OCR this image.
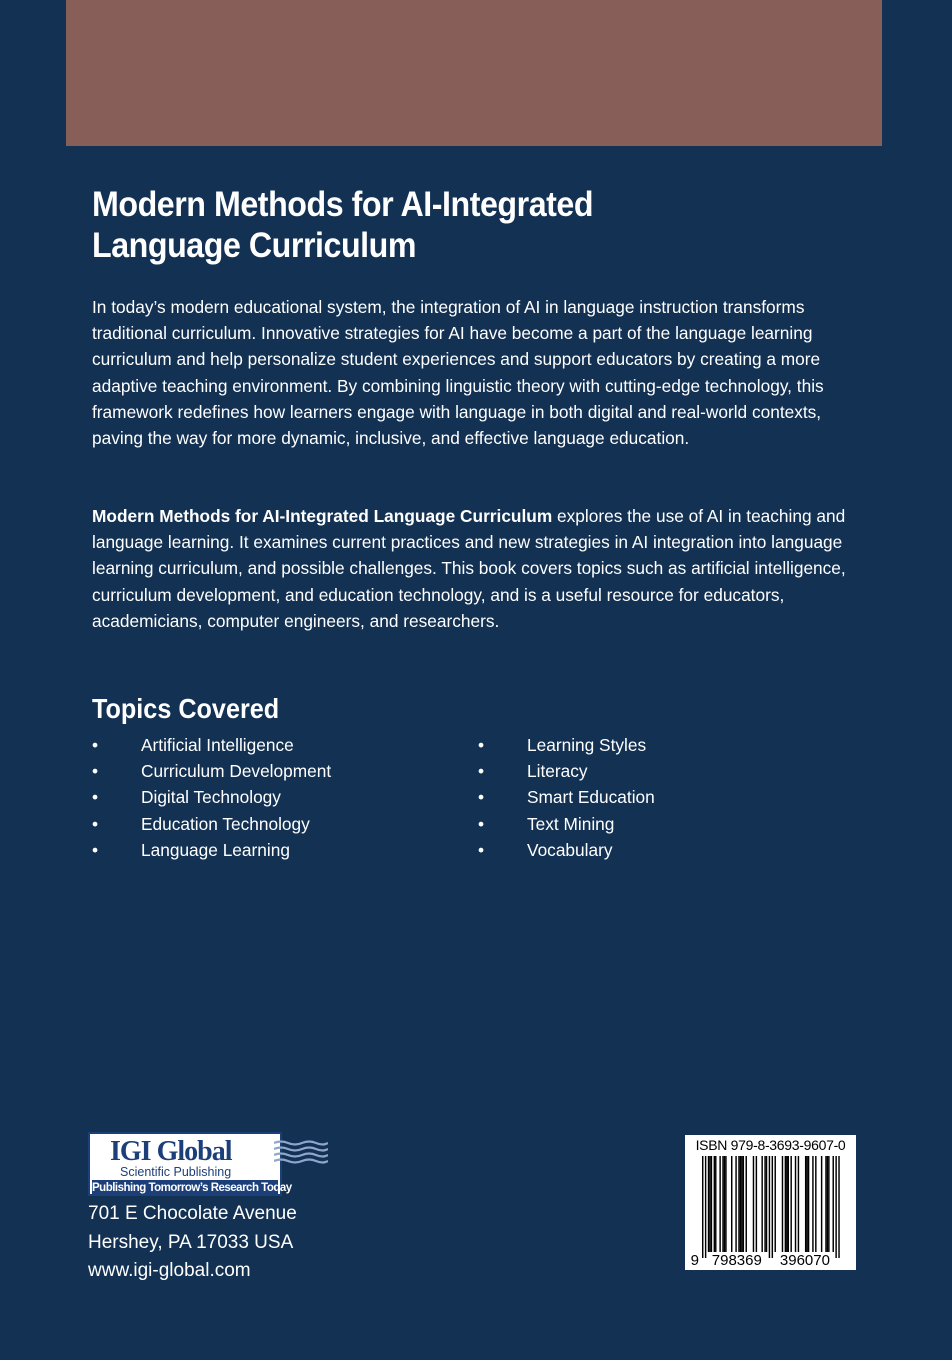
Modern Methods for AI-Integrated
Language Curriculum

In today’s modern educational system, the integration of AI in language instruction transforms traditional curriculum. Innovative strategies for AI have become a part of the language learning curriculum and help personalize student experiences and support educators by creating a more adaptive teaching environment. By combining linguistic theory with cutting-edge technology, this framework redefines how learners engage with language in both digital and real-world contexts, paving the way for more dynamic, inclusive, and effective language education.

Modern Methods for AI-Integrated Language Curriculum explores the use of AI in teaching and language learning. It examines current practices and new strategies in AI integration into language learning curriculum, and possible challenges. This book covers topics such as artificial intelligence, curriculum development, and education technology, and is a useful resource for educators, academicians, computer engineers, and researchers.

Topics Covered
•	Artificial Intelligence
•	Curriculum Development
•	Digital Technology
•	Education Technology
•	Language Learning
•	Learning Styles
•	Literacy
•	Smart Education
•	Text Mining
•	Vocabulary
IGI Global
Scientific Publishing
Publishing Tomorrow’s Research Today
701 E Chocolate Avenue
Hershey, PA 17033 USA
www.igi-global.com
ISBN 979-8-3693-9607-0
9 798369 396070
